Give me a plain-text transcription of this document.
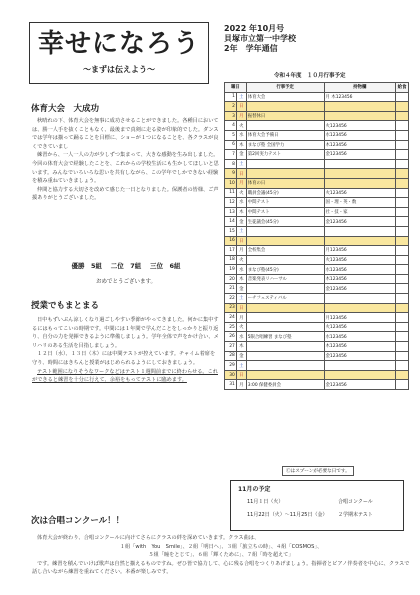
幸せになろう
〜まずは伝えよう〜
2022 年10月号
貝塚市立第一中学校
2年　学年通信
令和４年度　１０月行事予定
体育大会　大成功

秋晴れの下、体育大会を無事に成功させることができました。各種目においては、勝一人手を抜くこともなく、最後まで真剣に走る姿が印象的でした。ダンスでは学年は揃って踊ることを目標に、ショーが１つになることを、各クラスが良くできていまし

練習から、一人一人の力が少しずつ集まって、大きな感動を生み出しました。今回の体育大会で経験したことを、これからの学校生活にも生かしてほしいと思います。みんなでいろいろな思いを共有しながら、この学年でしかできない経験を積み重ねていきましょう。

仲間と協力する大切さを改めて感じた一日となりました。保護者の皆様、ご声援ありがとうございました。

優勝　5組　 二位　7組　 三位　6組
おめでとうございます。
授業でもまとまる

日中もずいぶん涼しくなり過ごしやすい季節がやってきました。何かに集中するにはもってこいの時期です。中間には１年間で学んだことをしっかりと振り返り、自分の力を発揮できるように準備しましょう。学年全体で声をかけ合い、メリハリのある生活を目指しましょう。

１２日（水）、１３日（木）には中間テストが控えています。チャイム着席を守り、時間にはきちんと授業がはじめられるようにしておきましょう。

テスト範囲になりそうなワークなどはテスト１週間前までに終わらせる。これができると練習を十分に行えて、余裕をもってテストに臨めます。

曜日		行事予定	持物欄	給食
1	土	体育大会	月 木123456	
2	日			
3	月	振替休日		
4	火		火123456	
5	水	体育大会予備日	水123456	
6	木	まなび塾 全国学力	木123456	
7	金	第2回実力テスト	金123456	
8	土			
9	日			
10	月	体育の日		
11	火	職員会議(45分)	火123456	
12	水	中間テスト	国・理・英・数	
13	木	中間テスト	社・技・家	
14	金	生徒議会(45分)	金123456	
15	土			
16	日			
17	月	全校集会	月123456	
18	火		火123456	
19	水	まなび塾(45分)	水123456	
20	木	音楽発表リハーサル	木123456	
21	金		金123456	
22	土	ーチフェスティバル		
23	日			
24	月		月123456	
25	火		火123456	
26	水	5限合唱練習 まなび塾	水123456	
27	木		木123456	
28	金		金123456	
29	土			
30	日			
31	月	3:00 保健委員会	金123456	
Ⓒはスプーンが必要な日です。
11月の予定
11月１日（火）	合唱コンクール
11月22日（火）〜11月25日（金） ２学期末テスト
次は合唱コンクール！！

体育大会が終わり、合唱コンクールに向けてさらにクラスの絆を深めていきます。クラス曲は、

１組「with　You　Smile」、２組「明日へ」、３組「旅立ちの時」、４組「COSMOS」、

５組「瞳をとじて」、６組「輝くために」、７組「時を超えて」

です。練習を積んでいけば歌声は自然と揃えるものですね。ぜひ皆で協力して、心に残る合唱をつくりあげましょう。指揮者とピアノ伴奏者を中心に、クラスで話し合いながら練習を重ねてください。本番が楽しみです。
